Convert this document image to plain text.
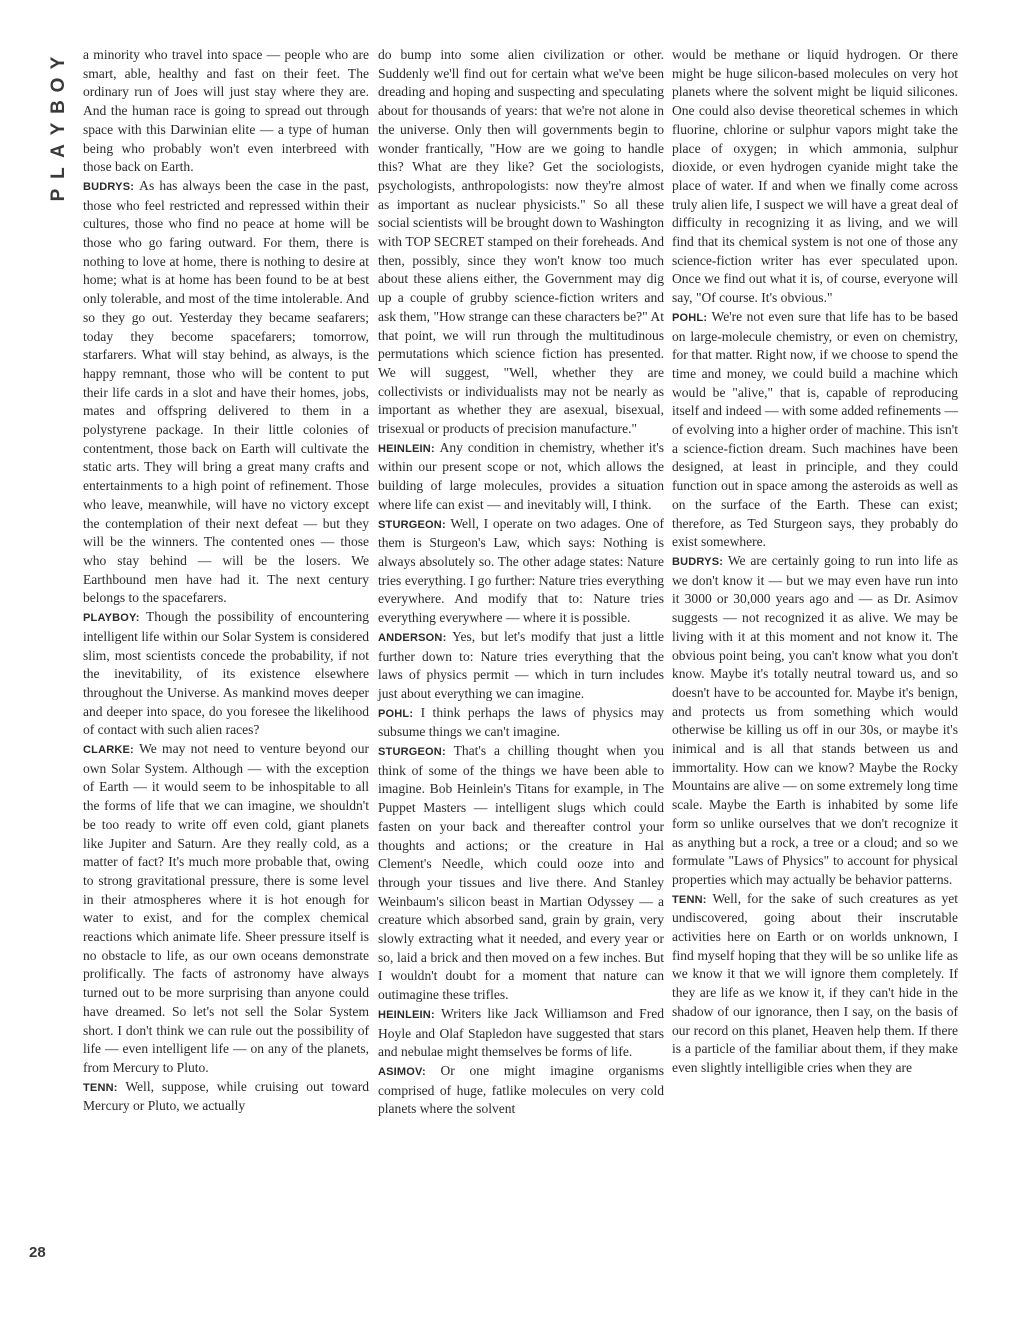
Y
O
B
Y
A
L
P

a minority who travel into space — people who are smart, able, healthy and fast on their feet. The ordinary run of Joes will just stay where they are. And the human race is going to spread out through space with this Darwinian elite — a type of human being who probably won't even interbreed with those back on Earth.

BUDRYS : As has always been the case in the past, those who feel restricted and repressed within their cultures, those who find no peace at home will be those who go faring outward. For them, there is nothing to love at home, there is nothing to desire at home; what is at home has been found to be at best only tolerable, and most of the time intolerable. And so they go out. Yesterday they became seafarers; today they become spacefarers; tomorrow, starfarers. What will stay behind, as always, is the happy remnant, those who will be content to put their life cards in a slot and have their homes, jobs, mates and offspring delivered to them in a polystyrene package. In their little colonies of contentment, those back on Earth will cultivate the static arts. They will bring a great many crafts and entertainments to a high point of refinement. Those who leave, meanwhile, will have no victory except the contemplation of their next defeat — but they will be the winners. The contented ones — those who stay behind — will be the losers. We Earthbound men have had it. The next century belongs to the spacefarers.

PLAYBOY : Though the possibility of encountering intelligent life within our Solar System is considered slim, most scientists concede the probability, if not the inevitability, of its existence elsewhere throughout the Universe. As mankind moves deeper and deeper into space, do you foresee the likelihood of contact with such alien races?

CLARKE : We may not need to venture beyond our own Solar System. Although — with the exception of Earth — it would seem to be inhospitable to all the forms of life that we can imagine, we shouldn't be too ready to write off even cold, giant planets like Jupiter and Saturn. Are they really cold, as a matter of fact? It's much more probable that, owing to strong gravitational pressure, there is some level in their atmospheres where it is hot enough for water to exist, and for the complex chemical reactions which animate life. Sheer pressure itself is no obstacle to life, as our own oceans demonstrate prolifically. The facts of astronomy have always turned out to be more surprising than anyone could have dreamed. So let's not sell the Solar System short. I don't think we can rule out the possibility of life — even intelligent life — on any of the planets, from Mercury to Pluto.

TENN : Well, suppose, while cruising out toward Mercury or Pluto, we actually

do bump into some alien civilization or other. Suddenly we'll find out for certain what we've been dreading and hoping and suspecting and speculating about for thousands of years: that we're not alone in the universe. Only then will governments begin to wonder frantically, "How are we going to handle this? What are they like? Get the sociologists, psychologists, anthropologists: now they're almost as important as nuclear physicists." So all these social scientists will be brought down to Washington with TOP SECRET stamped on their foreheads. And then, possibly, since they won't know too much about these aliens either, the Government may dig up a couple of grubby science-fiction writers and ask them, "How strange can these characters be?" At that point, we will run through the multitudinous permutations which science fiction has presented. We will suggest, "Well, whether they are collectivists or individualists may not be nearly as important as whether they are asexual, bisexual, trisexual or products of precision manufacture."

HEINLEIN : Any condition in chemistry, whether it's within our present scope or not, which allows the building of large molecules, provides a situation where life can exist — and inevitably will, I think.

STURGEON : Well, I operate on two adages. One of them is Sturgeon's Law, which says: Nothing is always absolutely so. The other adage states: Nature tries everything. I go further: Nature tries everything everywhere. And modify that to: Nature tries everything everywhere — where it is possible.

ANDERSON : Yes, but let's modify that just a little further down to: Nature tries everything that the laws of physics permit — which in turn includes just about everything we can imagine.

POHL : I think perhaps the laws of physics may subsume things we can't imagine.

STURGEON : That's a chilling thought when you think of some of the things we have been able to imagine. Bob Heinlein's Titans for example, in The Puppet Masters — intelligent slugs which could fasten on your back and thereafter control your thoughts and actions; or the creature in Hal Clement's Needle, which could ooze into and through your tissues and live there. And Stanley Weinbaum's silicon beast in Martian Odyssey — a creature which absorbed sand, grain by grain, very slowly extracting what it needed, and every year or so, laid a brick and then moved on a few inches. But I wouldn't doubt for a moment that nature can outimagine these trifles.

HEINLEIN : Writers like Jack Williamson and Fred Hoyle and Olaf Stapledon have suggested that stars and nebulae might themselves be forms of life.

ASIMOV : Or one might imagine organisms comprised of huge, fatlike molecules on very cold planets where the solvent

would be methane or liquid hydrogen. Or there might be huge silicon-based molecules on very hot planets where the solvent might be liquid silicones. One could also devise theoretical schemes in which fluorine, chlorine or sulphur vapors might take the place of oxygen; in which ammonia, sulphur dioxide, or even hydrogen cyanide might take the place of water. If and when we finally come across truly alien life, I suspect we will have a great deal of difficulty in recognizing it as living, and we will find that its chemical system is not one of those any science-fiction writer has ever speculated upon. Once we find out what it is, of course, everyone will say, "Of course. It's obvious."

POHL : We're not even sure that life has to be based on large-molecule chemistry, or even on chemistry, for that matter. Right now, if we choose to spend the time and money, we could build a machine which would be "alive," that is, capable of reproducing itself and indeed — with some added refinements — of evolving into a higher order of machine. This isn't a science-fiction dream. Such machines have been designed, at least in principle, and they could function out in space among the asteroids as well as on the surface of the Earth. These can exist; therefore, as Ted Sturgeon says, they probably do exist somewhere.

BUDRYS : We are certainly going to run into life as we don't know it — but we may even have run into it 3000 or 30,000 years ago and — as Dr. Asimov suggests — not recognized it as alive. We may be living with it at this moment and not know it. The obvious point being, you can't know what you don't know. Maybe it's totally neutral toward us, and so doesn't have to be accounted for. Maybe it's benign, and protects us from something which would otherwise be killing us off in our 30s, or maybe it's inimical and is all that stands between us and immortality. How can we know? Maybe the Rocky Mountains are alive — on some extremely long time scale. Maybe the Earth is inhabited by some life form so unlike ourselves that we don't recognize it as anything but a rock, a tree or a cloud; and so we formulate "Laws of Physics" to account for physical properties which may actually be behavior patterns.

TENN : Well, for the sake of such creatures as yet undiscovered, going about their inscrutable activities here on Earth or on worlds unknown, I find myself hoping that they will be so unlike life as we know it that we will ignore them completely. If they are life as we know it, if they can't hide in the shadow of our ignorance, then I say, on the basis of our record on this planet, Heaven help them. If there is a particle of the familiar about them, if they make even slightly intelligible cries when they are

28
